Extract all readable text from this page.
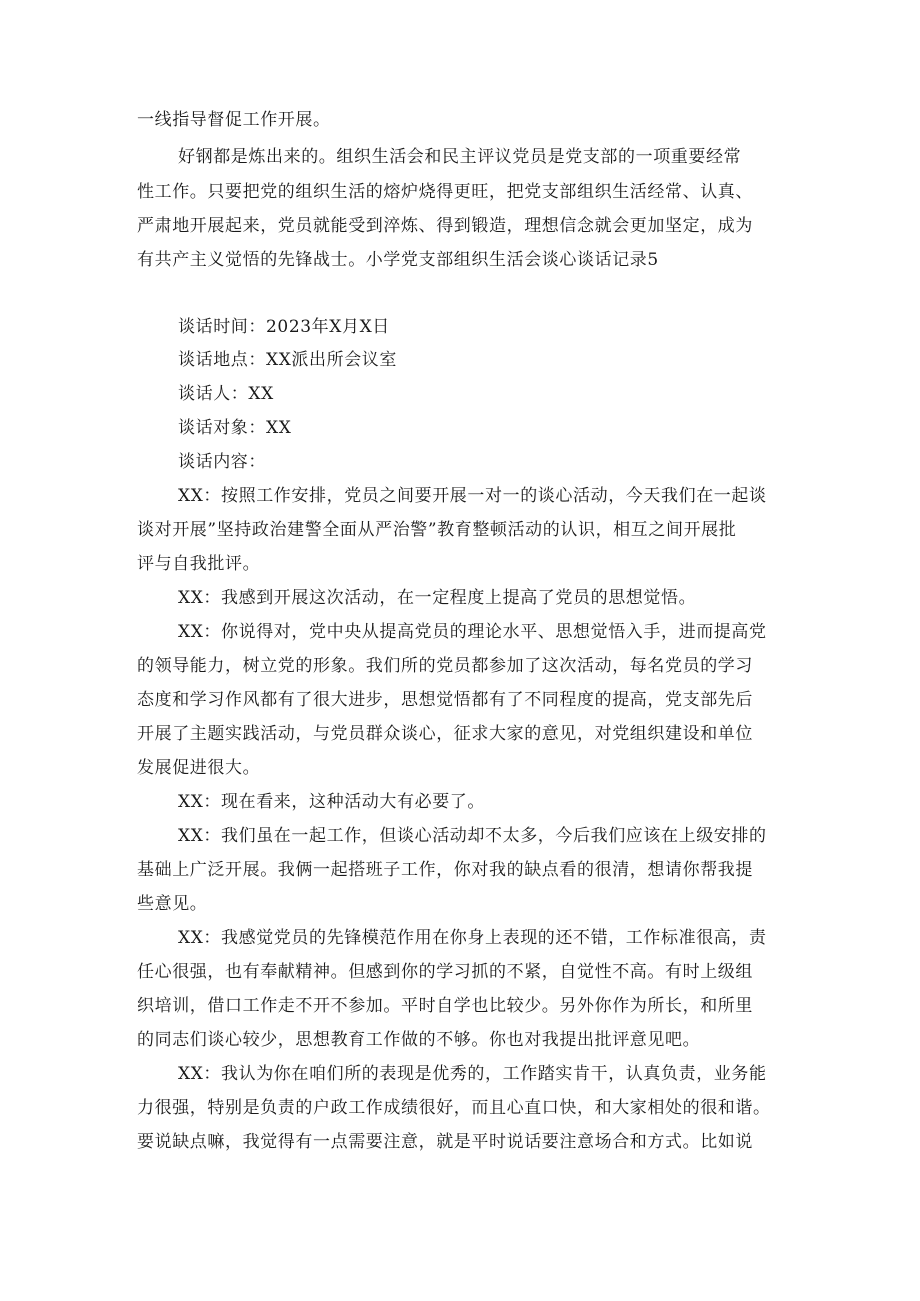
一线指导督促工作开展。
好钢都是炼出来的。组织生活会和民主评议党员是党支部的一项重要经常
性工作。只要把党的组织生活的熔炉烧得更旺，把党支部组织生活经常、认真、
严肃地开展起来，党员就能受到淬炼、得到锻造，理想信念就会更加坚定，成为
有共产主义觉悟的先锋战士。小学党支部组织生活会谈心谈话记录5
谈话时间：2023年X月X日
谈话地点：XX派出所会议室
谈话人：XX
谈话对象：XX
谈话内容：
XX：按照工作安排，党员之间要开展一对一的谈心活动，今天我们在一起谈
谈对开展”坚持政治建警全面从严治警”教育整顿活动的认识，相互之间开展批
评与自我批评。
XX：我感到开展这次活动，在一定程度上提高了党员的思想觉悟。
XX：你说得对，党中央从提高党员的理论水平、思想觉悟入手，进而提高党
的领导能力，树立党的形象。我们所的党员都参加了这次活动，每名党员的学习
态度和学习作风都有了很大进步，思想觉悟都有了不同程度的提高，党支部先后
开展了主题实践活动，与党员群众谈心，征求大家的意见，对党组织建设和单位
发展促进很大。
XX：现在看来，这种活动大有必要了。
XX：我们虽在一起工作，但谈心活动却不太多，今后我们应该在上级安排的
基础上广泛开展。我俩一起搭班子工作，你对我的缺点看的很清，想请你帮我提
些意见。
XX：我感觉党员的先锋模范作用在你身上表现的还不错，工作标准很高，责
任心很强，也有奉献精神。但感到你的学习抓的不紧，自觉性不高。有时上级组
织培训，借口工作走不开不参加。平时自学也比较少。另外你作为所长，和所里
的同志们谈心较少，思想教育工作做的不够。你也对我提出批评意见吧。
XX：我认为你在咱们所的表现是优秀的，工作踏实肯干，认真负责，业务能
力很强，特别是负责的户政工作成绩很好，而且心直口快，和大家相处的很和谐。
要说缺点嘛，我觉得有一点需要注意，就是平时说话要注意场合和方式。比如说
